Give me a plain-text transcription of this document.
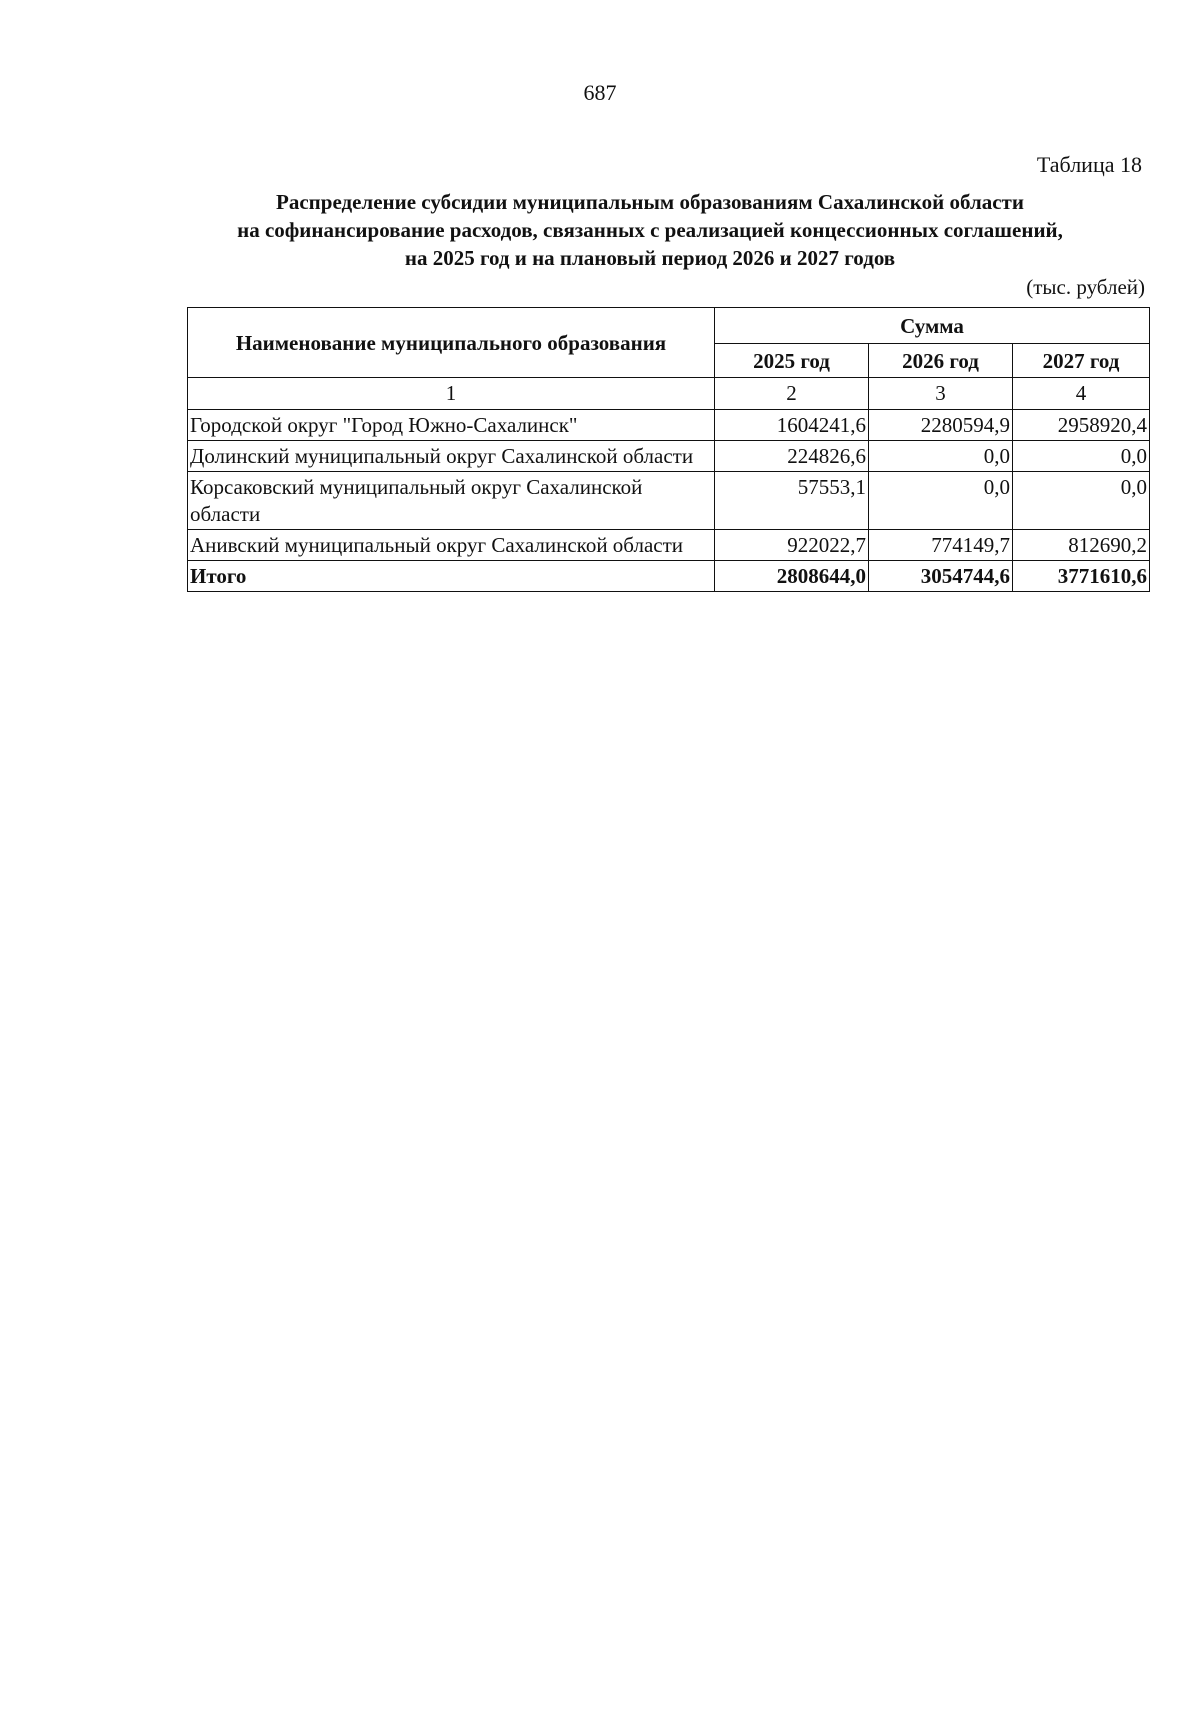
687
Таблица 18
Распределение субсидии муниципальным образованиям Сахалинской области
на софинансирование расходов, связанных с реализацией концессионных соглашений,
на 2025 год и на плановый период 2026 и 2027 годов
(тыс. рублей)
Наименование муниципального образования	Сумма		
	2025 год	2026 год	2027 год
1	2	3	4
Городской округ "Город Южно-Сахалинск"	1604241,6	2280594,9	2958920,4
Долинский муниципальный округ Сахалинской области	224826,6	0,0	0,0
Корсаковский муниципальный округ Сахалинской области	57553,1	0,0	0,0
Анивский муниципальный округ Сахалинской области	922022,7	774149,7	812690,2
Итого	2808644,0	3054744,6	3771610,6
